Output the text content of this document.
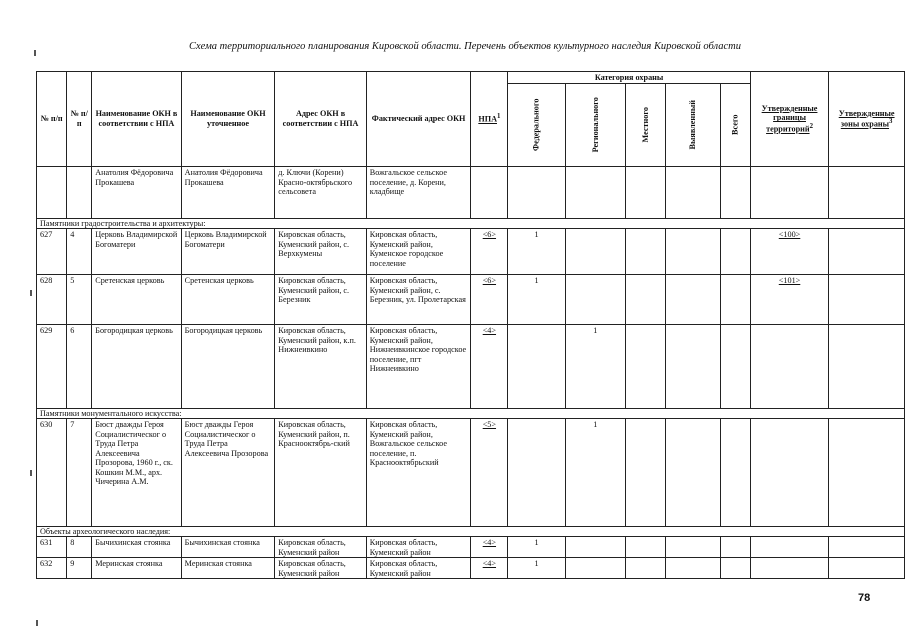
Схема территориального планирования Кировской области. Перечень объектов культурного наследия Кировской области
№ п/п	№ п/п	Наименование ОКН в соответствии с НПА	Наименование ОКН уточненное	Адрес ОКН в соответствии с НПА	Фактический адрес ОКН	НПА$^1$	Категория охраны					Утвержденные границы территорий$^2$	Утвержденные зоны охраны$^3$
							Федерального	Регионального	Местного	Выявленный	Всего		
		Анатолия Фёдоровича Прокашева	Анатолия Фёдоровича Прокашева	д. Ключи (Корени) Красно-октябрьского сельсовета	Вожгальское сельское поселение, д. Корени, кладбище								
Памятники градостроительства и архитектуры:													
627	4	Церковь Владимирской Богоматери	Церковь Владимирской Богоматери	Кировская область, Куменский район, с. Верхкумены	Кировская область, Куменский район, Куменское городское поселение	<6>	1					<100>	
628	5	Сретенская церковь	Сретенская церковь	Кировская область, Куменский район, с. Березник	Кировская область, Куменский район, с. Березник, ул. Пролетарская	<6>	1					<101>	
629	6	Богородицкая церковь	Богородицкая церковь	Кировская область, Куменский район, к.п. Нижнеивкино	Кировская область, Куменский район, Нижнеивкинское городское поселение, пгт Нижнеивкино	<4>		1					
Памятники монументального искусства:													
630	7	Бюст дважды Героя Социалистическог о Труда Петра Алексеевича Прозорова, 1960 г., ск. Кошкин М.М., арх. Чичерина А.М.	Бюст дважды Героя Социалистическог о Труда Петра Алексеевича Прозорова	Кировская область, Куменский район, п. Краснооктябрь-ский	Кировская область, Куменский район, Вожгальское сельское поселение, п. Краснооктябрьский	<5>		1					
Объекты археологического наследия:													
631	8	Бычихинская стоянка	Бычихинская стоянка	Кировская область, Куменский район	Кировская область, Куменский район	<4>	1						
632	9	Меринская стоянка	Меринская стоянка	Кировская область, Куменский район	Кировская область, Куменский район	<4>	1						
78
